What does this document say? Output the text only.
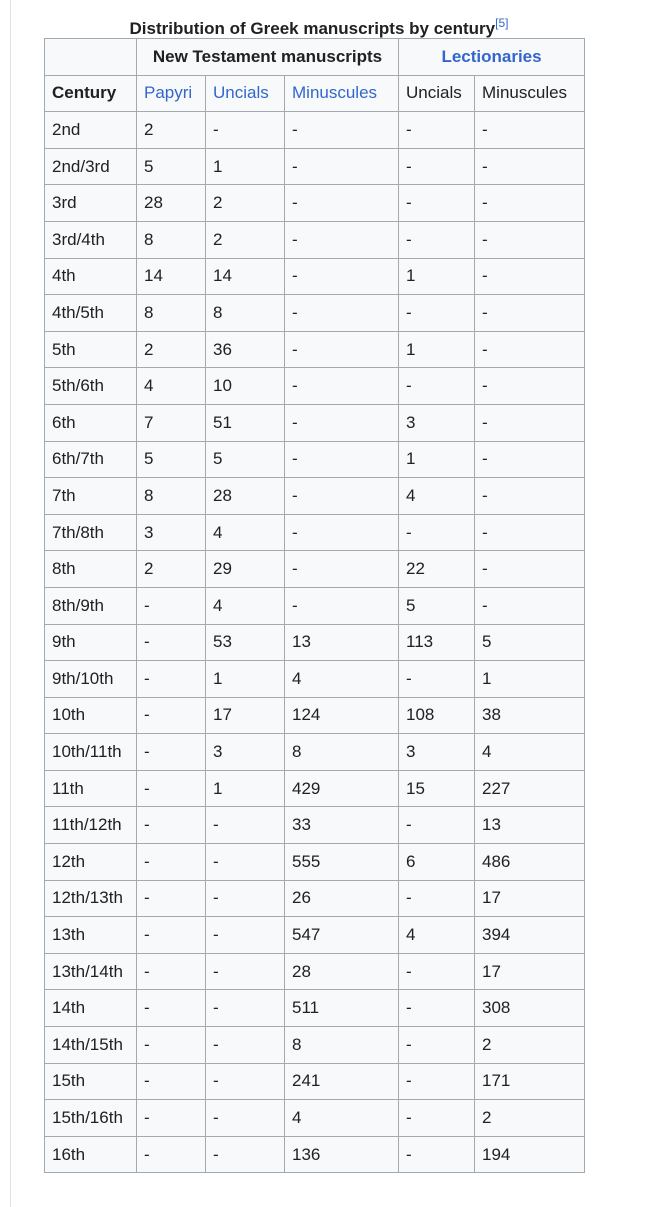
Distribution of Greek manuscripts by century[5]
	New Testament manuscripts			Lectionaries	
Century	Papyri	Uncials	Minuscules	Uncials	Minuscules
2nd	2	-	-	-	-
2nd/3rd	5	1	-	-	-
3rd	28	2	-	-	-
3rd/4th	8	2	-	-	-
4th	14	14	-	1	-
4th/5th	8	8	-	-	-
5th	2	36	-	1	-
5th/6th	4	10	-	-	-
6th	7	51	-	3	-
6th/7th	5	5	-	1	-
7th	8	28	-	4	-
7th/8th	3	4	-	-	-
8th	2	29	-	22	-
8th/9th	-	4	-	5	-
9th	-	53	13	113	5
9th/10th	-	1	4	-	1
10th	-	17	124	108	38
10th/11th	-	3	8	3	4
11th	-	1	429	15	227
11th/12th	-	-	33	-	13
12th	-	-	555	6	486
12th/13th	-	-	26	-	17
13th	-	-	547	4	394
13th/14th	-	-	28	-	17
14th	-	-	511	-	308
14th/15th	-	-	8	-	2
15th	-	-	241	-	171
15th/16th	-	-	4	-	2
16th	-	-	136	-	194
